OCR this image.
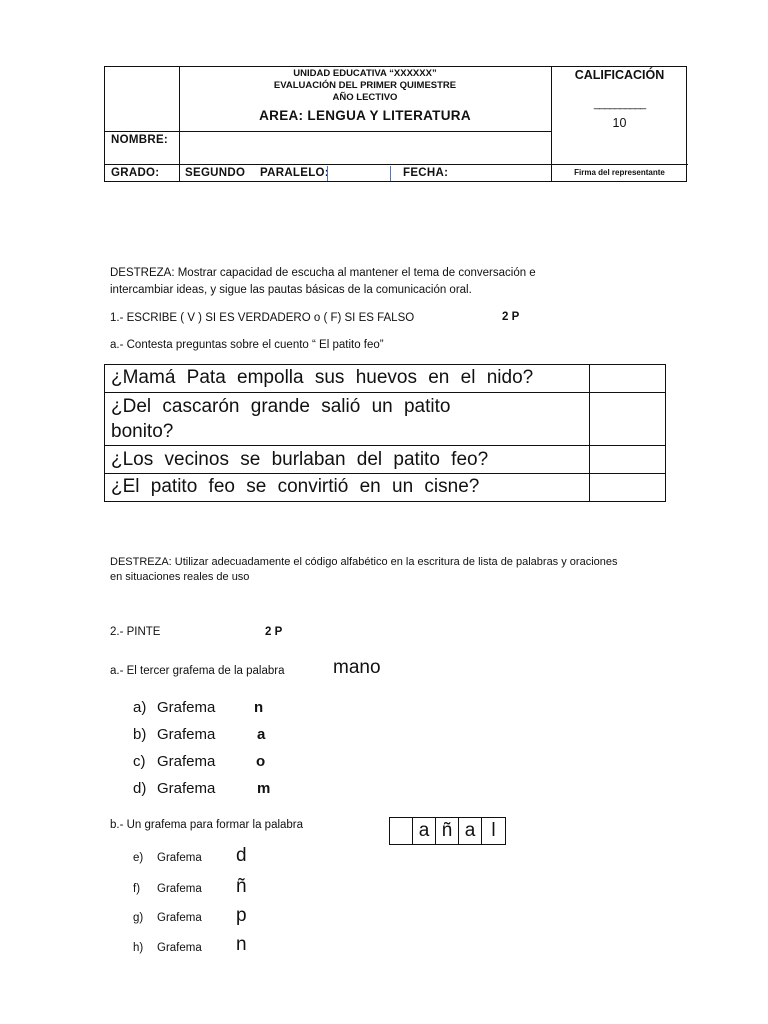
UNIDAD EDUCATIVA “XXXXXX”
EVALUACIÓN DEL PRIMER QUIMESTRE
AÑO LECTIVO
AREA: LENGUA Y LITERATURA
CALIFICACIÓN
__________
10
NOMBRE:
GRADO: SEGUNDO PARALELO:	FECHA:	Firma del representante
DESTREZA: Mostrar capacidad de escucha al mantener el tema de conversación e
intercambiar ideas, y sigue las pautas básicas de la comunicación oral.
1.- ESCRIBE ( V ) SI ES VERDADERO o ( F) SI ES FALSO	2 P
a.- Contesta preguntas sobre el cuento “ El patito feo”
¿Mamá Pata empolla sus huevos en el nido?
¿Del cascarón grande salió un patito
bonito?
¿Los vecinos se burlaban del patito feo?
¿El patito feo se convirtió en un cisne?
DESTREZA: Utilizar adecuadamente el código alfabético en la escritura de lista de palabras y oraciones
en situaciones reales de uso
2.- PINTE	2 P
a.- El tercer grafema de la palabra	mano
a) Grafema	n
b) Grafema	a
c) Grafema	o
d) Grafema	m
b.- Un grafema para formar la palabra	a ñ a l
e) Grafema d
f) Grafema ñ
g) Grafema p
h) Grafema n
